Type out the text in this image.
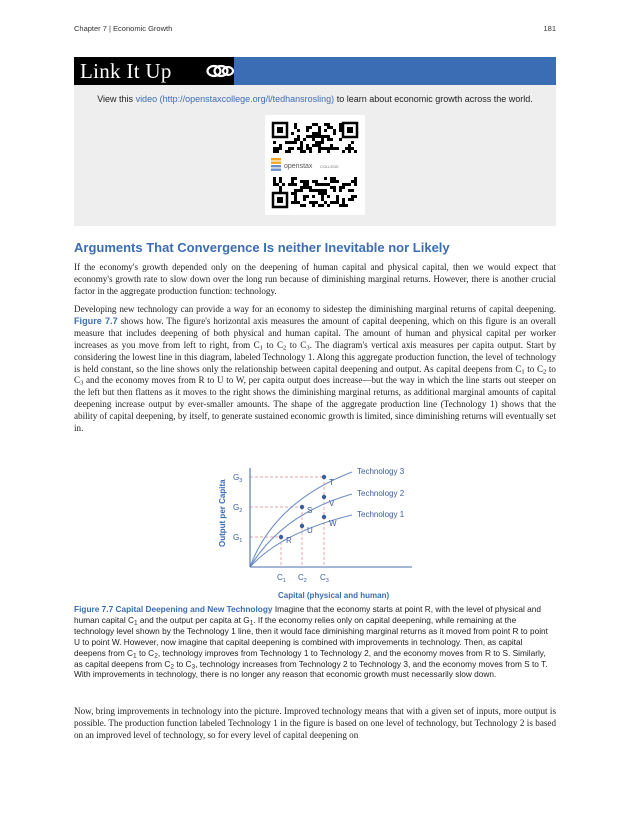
Chapter 7 | Economic Growth	181
Link It Up
View this video (http://openstaxcollege.org/l/tedhansrosling) to learn about economic growth across the world.
openstax COLLEGE
Arguments That Convergence Is neither Inevitable nor Likely
If the economy's growth depended only on the deepening of human capital and physical capital, then we would expect that economy's growth rate to slow down over the long run because of diminishing marginal returns. However, there is another crucial factor in the aggregate production function: technology.
Developing new technology can provide a way for an economy to sidestep the diminishing marginal returns of capital deepening. Figure 7.7 shows how. The figure's horizontal axis measures the amount of capital deepening, which on this figure is an overall measure that includes deepening of both physical and human capital. The amount of human and physical capital per worker increases as you move from left to right, from $C_1$ to $C_2$ to $C_3$. The diagram's vertical axis measures per capita output. Start by considering the lowest line in this diagram, labeled Technology 1. Along this aggregate production function, the level of technology is held constant, so the line shows only the relationship between capital deepening and output. As capital deepens from $C_1$ to $C_2$ to $C_3$ and the economy moves from R to U to W, per capita output does increase—but the way in which the line starts out steeper on the left but then flattens as it moves to the right shows the diminishing marginal returns, as additional marginal amounts of capital deepening increase output by ever-smaller amounts. The shape of the aggregate production line (Technology 1) shows that the ability of capital deepening, by itself, to generate sustained economic growth is limited, since diminishing returns will eventually set in.
R
S
T
U
V
W
Technology 3
Technology 2
Technology 1
$G_3$
$G_2$
$G_1$
$C_1$ $C_2$ $C_3$
Output per Capita
Capital (physical and human)
Figure 7.7 Capital Deepening and New Technology Imagine that the economy starts at point R, with the level of physical and human capital $C_1$ and the output per capita at $G_1$. If the economy relies only on capital deepening, while remaining at the technology level shown by the Technology 1 line, then it would face diminishing marginal returns as it moved from point R to point U to point W. However, now imagine that capital deepening is combined with improvements in technology. Then, as capital deepens from $C_1$ to $C_2$, technology improves from Technology 1 to Technology 2, and the economy moves from R to S. Similarly, as capital deepens from $C_2$ to $C_3$, technology increases from Technology 2 to Technology 3, and the economy moves from S to T. With improvements in technology, there is no longer any reason that economic growth must necessarily slow down.
Now, bring improvements in technology into the picture. Improved technology means that with a given set of inputs, more output is possible. The production function labeled Technology 1 in the figure is based on one level of technology, but Technology 2 is based on an improved level of technology, so for every level of capital deepening on
